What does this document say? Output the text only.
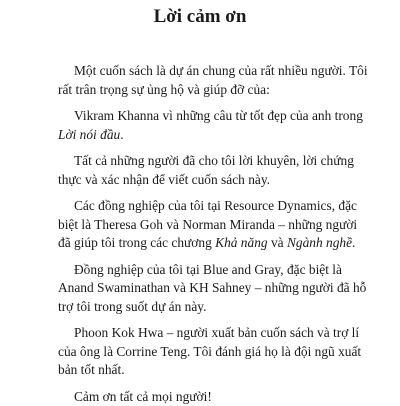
Lời cảm ơn

Một cuốn sách là dự án chung của rất nhiều người. Tôi rất trân trọng sự ủng hộ và giúp đỡ của:

Vikram Khanna vì những câu từ tốt đẹp của anh trong Lời nói đầu.

Tất cả những người đã cho tôi lời khuyên, lời chứng thực và xác nhận để viết cuốn sách này.

Các đồng nghiệp của tôi tại Resource Dynamics, đặc biệt là Theresa Goh và Norman Miranda – những người đã giúp tôi trong các chương Khả năng và Ngành nghề.

Đồng nghiệp của tôi tại Blue and Gray, đặc biệt là Anand Swaminathan và KH Sahney – những người đã hỗ trợ tôi trong suốt dự án này.

Phoon Kok Hwa – người xuất bản cuốn sách và trợ lí của ông là Corrine Teng. Tôi đánh giá họ là đội ngũ xuất bản tốt nhất.

Cảm ơn tất cả mọi người!
